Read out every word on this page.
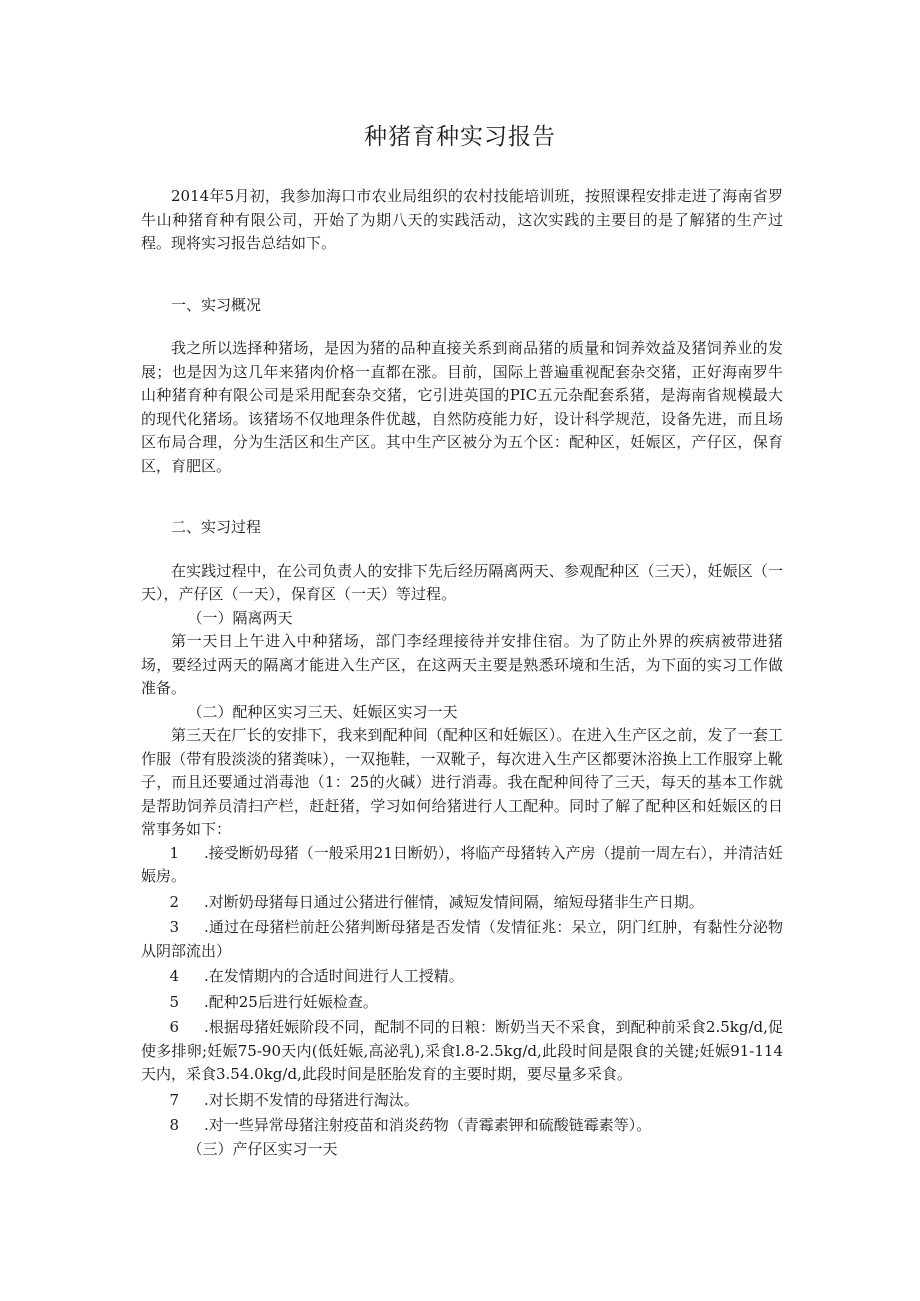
种猪育种实习报告

2014年5月初，我参加海口市农业局组织的农村技能培训班，按照课程安排走进了海南省罗牛山种猪育种有限公司，开始了为期八天的实践活动，这次实践的主要目的是了解猪的生产过程。现将实习报告总结如下。

一、实习概况

我之所以选择种猪场，是因为猪的品种直接关系到商品猪的质量和饲养效益及猪饲养业的发展；也是因为这几年来猪肉价格一直都在涨。目前，国际上普遍重视配套杂交猪，正好海南罗牛山种猪育种有限公司是采用配套杂交猪，它引进英国的PIC五元杂配套系猪，是海南省规模最大的现代化猪场。该猪场不仅地理条件优越，自然防疫能力好，设计科学规范，设备先进，而且场区布局合理，分为生活区和生产区。其中生产区被分为五个区：配种区，妊娠区，产仔区，保育区，育肥区。

二、实习过程

在实践过程中，在公司负责人的安排下先后经历隔离两天、参观配种区（三天），妊娠区（一天），产仔区（一天），保育区（一天）等过程。

（一）隔离两天

第一天日上午进入中种猪场，部门李经理接待并安排住宿。为了防止外界的疾病被带进猪场，要经过两天的隔离才能进入生产区，在这两天主要是熟悉环境和生活，为下面的实习工作做准备。

（二）配种区实习三天、妊娠区实习一天

第三天在厂长的安排下，我来到配种间（配种区和妊娠区）。在进入生产区之前，发了一套工作服（带有股淡淡的猪粪味），一双拖鞋，一双靴子，每次进入生产区都要沐浴换上工作服穿上靴子，而且还要通过消毒池（1：25的火碱）进行消毒。我在配种间待了三天，每天的基本工作就是帮助饲养员清扫产栏，赶赶猪，学习如何给猪进行人工配种。同时了解了配种区和妊娠区的日常事务如下：

1 .接受断奶母猪（一般采用21日断奶），将临产母猪转入产房（提前一周左右），并清洁妊娠房。

2 .对断奶母猪每日通过公猪进行催情，减短发情间隔，缩短母猪非生产日期。

3 .通过在母猪栏前赶公猪判断母猪是否发情（发情征兆：呆立，阴门红肿，有黏性分泌物从阴部流出）

4 .在发情期内的合适时间进行人工授精。

5 .配种25后进行妊娠检查。

6 .根据母猪妊娠阶段不同，配制不同的日粮：断奶当天不采食，到配种前采食2.5kg/d,促使多排卵;妊娠75-90天内(低妊娠,高泌乳),采食l.8-2.5kg/d,此段时间是限食的关键;妊娠91-114天内，采食3.54.0kg/d,此段时间是胚胎发育的主要时期，要尽量多采食。

7 .对长期不发情的母猪进行淘汰。

8 .对一些异常母猪注射疫苗和消炎药物（青霉素钾和硫酸链霉素等）。

（三）产仔区实习一天
